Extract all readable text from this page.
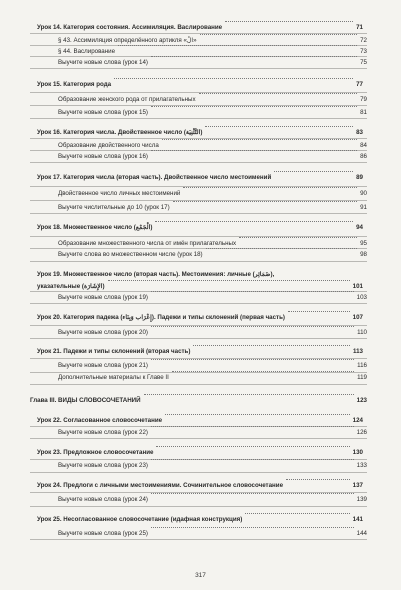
Урок 14. Категория состояния. Ассимиляция. Васлирование	71
§ 43. Ассимиляция определённого артикля «ﺍﻝْ»	72
§ 44. Васлирование	73
Выучите новые слова (урок 14)	75
Урок 15. Категория рода	77
Образование женского рода от прилагательных	79
Выучите новые слова (урок 15)	81
Урок 16. Категория числа. Двойственное число (ﺍﻟﺘَّﺜْﻨِﻴَﺔ)	83
Образование двойственного числа	84
Выучите новые слова (урок 16)	86
Урок 17. Категория числа (вторая часть). Двойственное число местоимений	89
Двойственное число личных местоимений	90
Выучите числительные до 10 (урок 17)	91
Урок 18. Множественное число (ﺍﻟْﺠَﻤْﻊ)	94
Образование множественного числа от имён прилагательных	95
Выучите слова во множественном числе (урок 18)	98
Урок 19. Множественное число (вторая часть). Местоимения: личные (ﺿَﻤَﺎﺋِﺮ),
указательные (ﺍﻹِﺷَﺎﺭَﺓ)	101
Выучите новые слова (урок 19)	103
Урок 20. Категория падежа (ﺇِﻋْﺮَﺍﺏ ﻭَﺑِﻨَﺎﺀ). Падежи и типы склонений (первая часть)	107
Выучите новые слова (урок 20)	110
Урок 21. Падежи и типы склонений (вторая часть)	113
Выучите новые слова (урок 21)	116
Дополнительные материалы к Главе II	119
Глава III. ВИДЫ СЛОВОСОЧЕТАНИЙ	123
Урок 22. Согласованное словосочетание	124
Выучите новые слова (урок 22)	126
Урок 23. Предложное словосочетание	130
Выучите новые слова (урок 23)	133
Урок 24. Предлоги с личными местоимениями. Сочинительное словосочетание	137
Выучите новые слова (урок 24)	139
Урок 25. Несогласованное словосочетание (идафная конструкция)	141
Выучите новые слова (урок 25)	144
317
